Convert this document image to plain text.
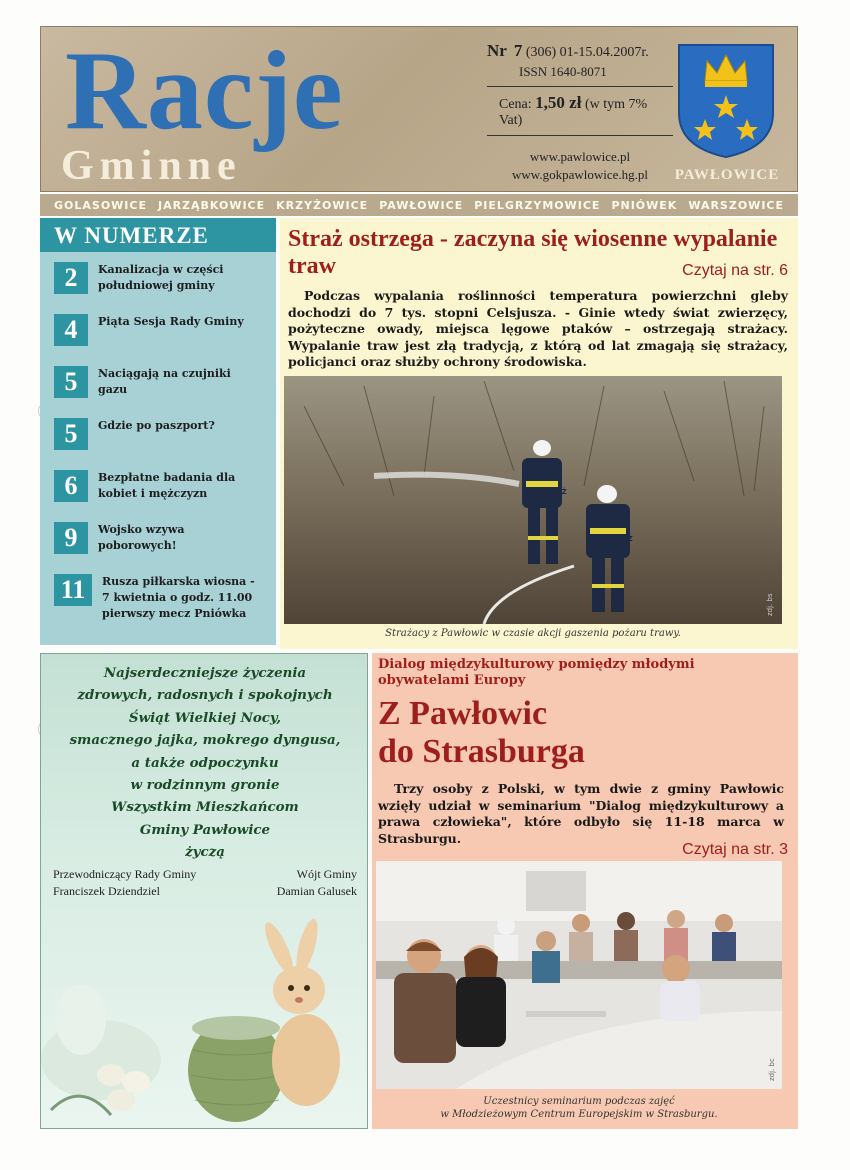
Racje
Gminne
Nr 7 (306) 01-15.04.2007r.
ISSN 1640-8071
Cena: 1,50 zł (w tym 7% Vat)
www.pawlowice.pl
www.gokpawlowice.hg.pl	PAWŁOWICE
GOLASOWICE JARZĄBKOWICE KRZYŻOWICE PAWŁOWICE PIELGRZYMOWICE PNIÓWEK WARSZOWICE
W NUMERZE
2	Kanalizacja w części południowej gminy
4	Piąta Sesja Rady Gminy
5	Naciągają na czujniki gazu
5	Gdzie po paszport?
6	Bezpłatne badania dla kobiet i mężczyzn
9	Wojsko wzywa poborowych!
11	Rusza piłkarska wiosna - 7 kwietnia o godz. 11.00 pierwszy mecz Pniówka
Straż ostrzega - zaczyna się wiosenne wypalanie traw	Czytaj na str. 6
Podczas wypalania roślinności temperatura powierzchni gleby dochodzi do 7 tys. stopni Celsjusza. - Ginie wtedy świat zwierzęcy, pożyteczne owady, miejsca lęgowe ptaków – ostrzegają strażacy. Wypalanie traw jest złą tradycją, z którą od lat zmagają się strażacy, policjanci oraz służby ochrony środowiska.
STRAŻ
STRAŻ
zdj. bs
Strażacy z Pawłowic w czasie akcji gaszenia pożaru trawy.
Najserdeczniejsze życzenia
zdrowych, radosnych i spokojnych
Świąt Wielkiej Nocy,
smacznego jajka, mokrego dyngusa,
a także odpoczynku
w rodzinnym gronie
Wszystkim Mieszkańcom
Gminy Pawłowice
życzą
Przewodniczący Rady Gminy
Franciszek Dziendziel
Wójt Gminy
Damian Galusek
Dialog międzykulturowy pomiędzy młodymi obywatelami Europy
Z Pawłowic
do Strasburga
Trzy osoby z Polski, w tym dwie z gminy Pawłowic wzięły udział w seminarium "Dialog międzykulturowy a prawa człowieka", które odbyło się 11-18 marca w Strasburgu.
Czytaj na str. 3
zdj. bc
Uczestnicy seminarium podczas zajęć
w Młodzieżowym Centrum Europejskim w Strasburgu.
